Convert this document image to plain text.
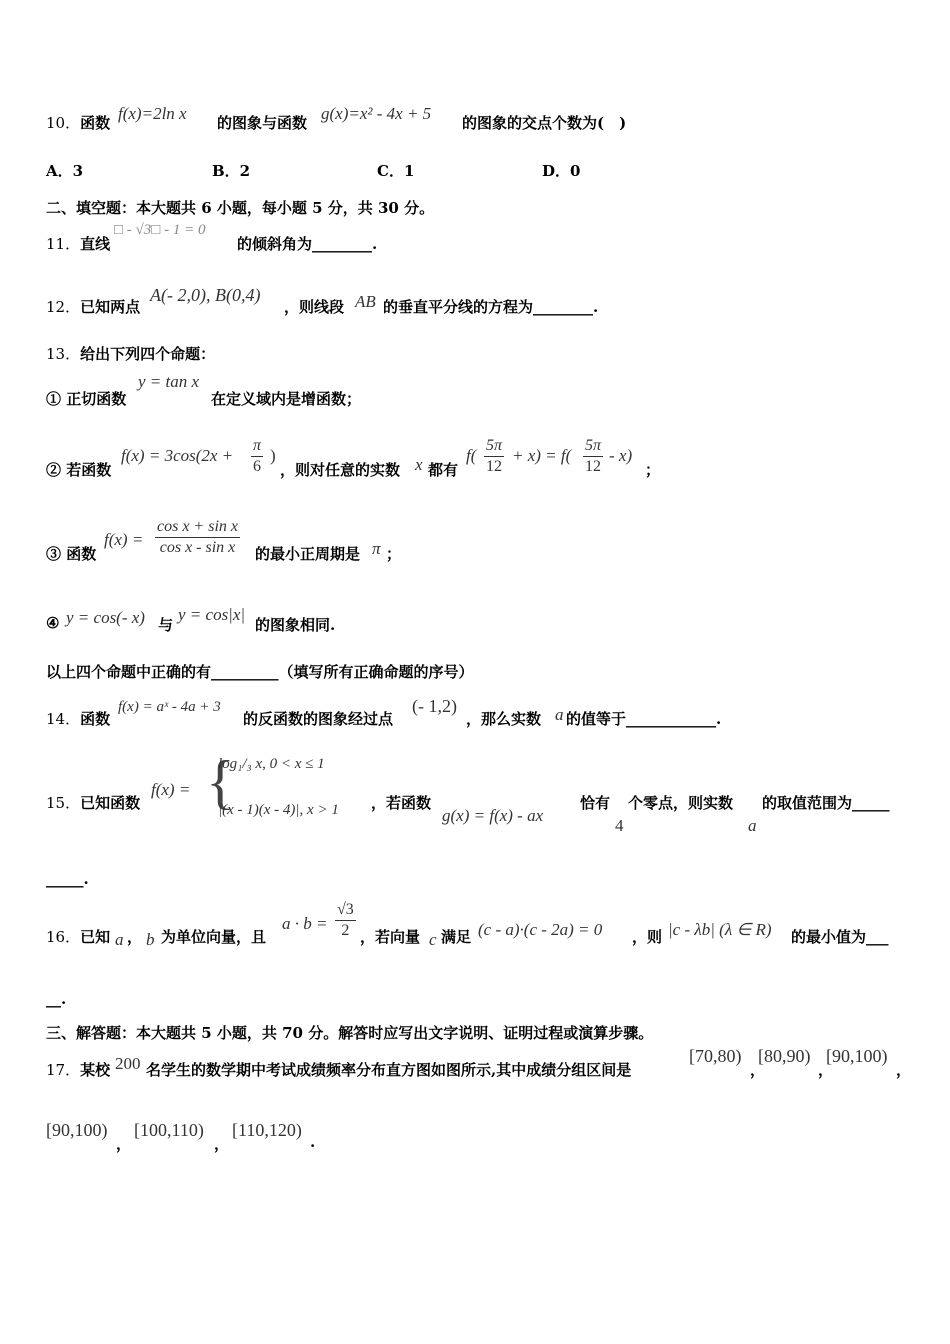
10．函数 f(x)=2ln x 的图象与函数 g(x)=x² - 4x + 5 的图象的交点个数为(　)
A．3	B．2	C．1	D．0
二、填空题：本大题共 6 小题，每小题 5 分，共 30 分。
11．直线
□ - √3□ - 1 = 0
的倾斜角为________.
12．已知两点
A(- 2,0), B(0,4)
，则线段 AB 的垂直平分线的方程为________.
13．给出下列四个命题：
① 正切函数
y = tan x
在定义域内是增函数；
② 若函数
$f(x) = 3\cos(2x + \frac{\pi}{6}$ )
，则对任意的实数 x 都有
$f( \frac{5\pi}{12} + x) = f( \frac{5\pi}{12} - x)$
；
③ 函数
$f(x) = \frac{\text{cos x + sin x}}{\text{cos x - sin x}}$ 的最小正周期是 π ；
④ y = cos(- x) 与
y = cos|x|
的图象相同.
以上四个命题中正确的有_________（填写所有正确命题的序号）
14．函数
f(x) = aˣ - 4a + 3
的反函数的图象经过点
(- 1,2)
，那么实数 a 的值等于____________.
15．已知函数
f(x) = {
log₁/₃ x, 0 < x ≤ 1
|(x - 1)(x - 4)|, x > 1 ，若函数
g(x) = f(x) - ax
恰有
4
个零点，则实数
a
的取值范围为_____
_____.
16．已知 a ， b 为单位向量，且
$a \cdot b = \frac{√3}{2}$ ，若向量 c 满足 (c - a)·(c - 2a) = 0 ，则 |c - λb| (λ ∈ R) 的最小值为___
__.
三、解答题：本大题共 5 小题，共 70 分。解答时应写出文字说明、证明过程或演算步骤。
17．某校 200 名学生的数学期中考试成绩频率分布直方图如图所示,其中成绩分组区间是
[70,80)
，
[80,90)
，
[90,100)
，
[90,100)
，
[100,110)
，
[110,120)
.
